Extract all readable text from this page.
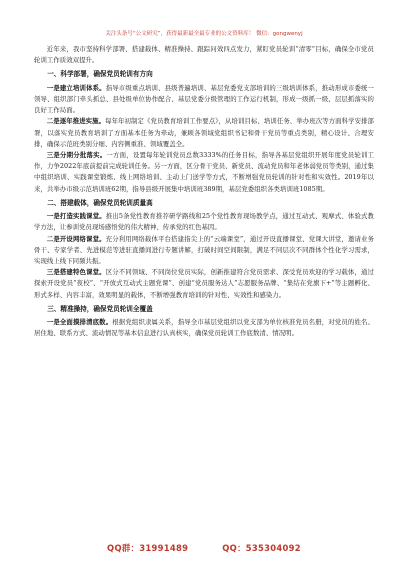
关注头条号“公文研究”，获得最新最全最专业的公文资料库！ 微信：gongwenyj

近年来，我市坚持科学部署、搭建载体、精准操持、跟踪问效四点发力，紧盯党员轮训“清零”目标，确保全市党员轮训工作质效双提升。

一、科学部署，确保党员轮训有方向

一是建立培训体系。指导市级重点培训、县级普遍培训、基层党委党支部培训的三级培训体系，推动形成市委统一领导、组织部门牵头抓总、县处级单位协作配合、基层党委分级管理的工作运行机制，形成一级抓一级、层层抓落实的良好工作局面。

二是逐年推进实施。每年年初制定《党员教育培训工作要点》，从培训目标、培训任务、举办班次等方面科学安排部署，以落实党员教育培训了方面基本任务为牵动，兼顾各领域党组织书记和骨干党员等重点类别，精心设计、合理安排，确保示范班类别分细、内容侧重准、领域覆盖全。

三是分期分批落实。一方面，设置每年轮训党员总数3333%的任务目标，指导各基层党组织开展年度党员轮训工作，力争2022年底前提前完成轮训任务。另一方面，区分骨干党员、新党员、流动党员和年老体弱党员等类别，通过集中组织培训、实践课堂锻炼、线上网络培训、主动上门送学等方式，不断增强党员轮训的针对性和实效性。2019年以来，共举办市级示范培训班62期，指导县级开展集中培训班389期，基层党委组织各类培训班1085期。

二、搭建载体，确保党员轮训质量高

一是打造实践课堂。推出5条党性教育推荐研学路线和25个党性教育现场教学点，通过互动式、观摩式、体验式教学方法，让参训党员现场感悟党的伟大精神、传承党的红色基因。

二是开设网络课堂。充分利用网络载体平台搭建指尖上的“云端课堂”，通过开设直播课堂、党课大讲堂，邀请业务骨干、专家学者、先进模范等进驻直播间进行专题讲解，打破时间空间限制，满足不同层次不同群体个性化学习需求，实现线上线下同频共振。

三是搭建特色课堂。区分不同领域、不同岗位党员实际，创新推建符合党员需求、深受党员欢迎的学习载体，通过探索开设党员“夜校”、“开放式互动式主题党课”、创建“党员服务达人”志愿服务品牌、“集结在党旗下+”等主题孵化、形式多样、内容丰富，效果明显的载体，不断增强教育培训的针对性、实效性和感染力。

三、精准操持，确保党员轮训全覆盖

一是全面摸排清底数。根据党组织隶属关系，指导全市基层党组织以党支部为单位核准党员名册，对党员的姓名、居住地、联系方式、流动情况等基本信息进行认真核实，确保党员轮训工作底数清、情况明。

QQ群：31991489	QQ：535304092
